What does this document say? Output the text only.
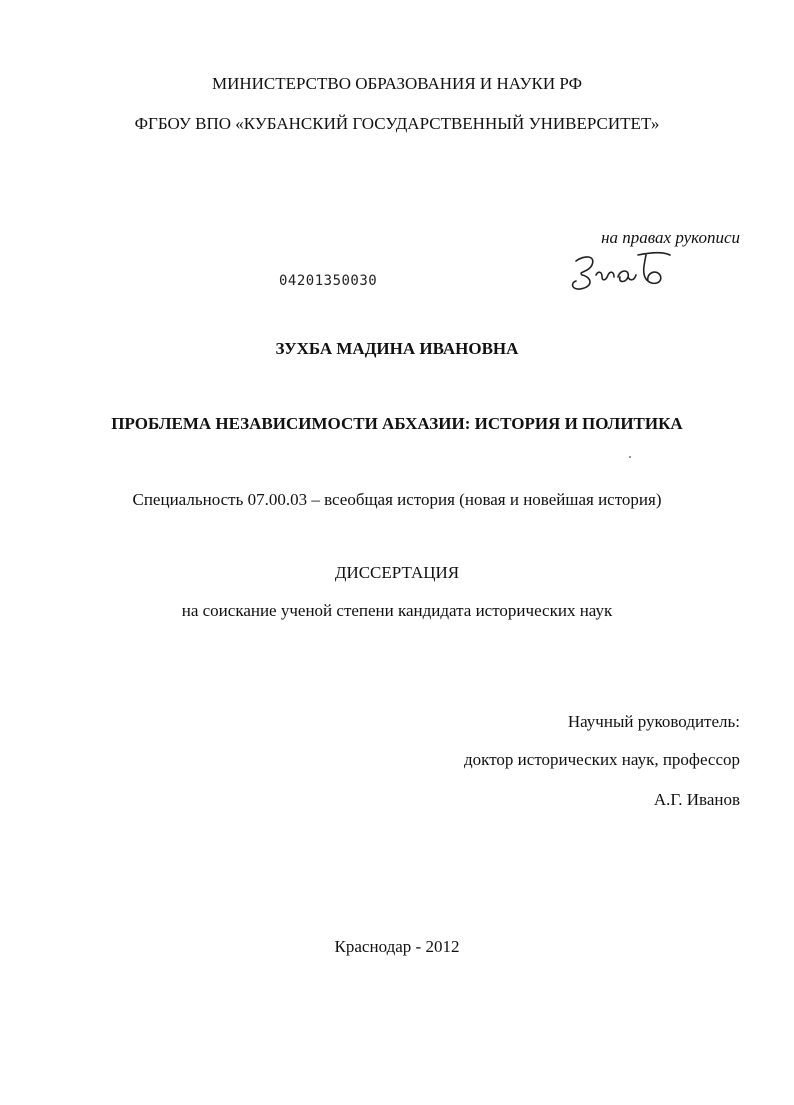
МИНИСТЕРСТВО ОБРАЗОВАНИЯ И НАУКИ РФ
ФГБОУ ВПО «КУБАНСКИЙ ГОСУДАРСТВЕННЫЙ УНИВЕРСИТЕТ»
на правах рукописи
04201350030
ЗУХБА МАДИНА ИВАНОВНА
ПРОБЛЕМА НЕЗАВИСИМОСТИ АБХАЗИИ: ИСТОРИЯ И ПОЛИТИКА
Специальность 07.00.03 – всеобщая история (новая и новейшая история)
ДИССЕРТАЦИЯ
на соискание ученой степени кандидата исторических наук
Научный руководитель:
доктор исторических наук, профессор
А.Г. Иванов
Краснодар - 2012
